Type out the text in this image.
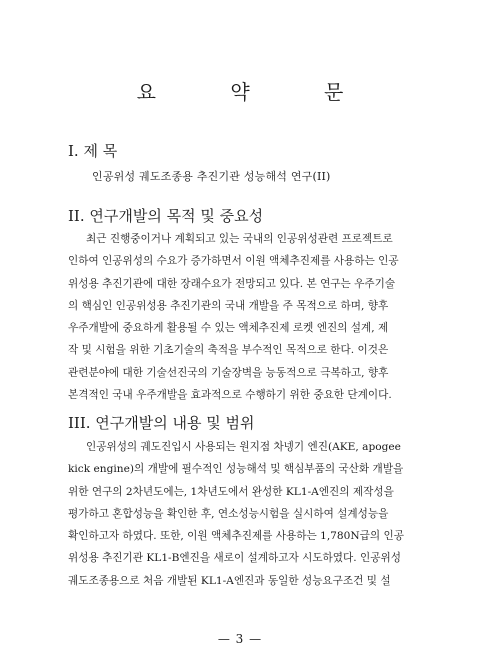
요 약 문
I. 제 목
인공위성 궤도조종용 추진기관 성능해석 연구(II)
II. 연구개발의 목적 및 중요성
최근 진행중이거나 계획되고 있는 국내의 인공위성관련 프로젝트로
인하여 인공위성의 수요가 증가하면서 이원 액체추진제를 사용하는 인공
위성용 추진기관에 대한 장래수요가 전망되고 있다. 본 연구는 우주기술
의 핵심인 인공위성용 추진기관의 국내 개발을 주 목적으로 하며, 향후
우주개발에 중요하게 활용될 수 있는 액체추진제 로켓 엔진의 설계, 제
작 및 시험을 위한 기초기술의 축적을 부수적인 목적으로 한다. 이것은
관련분야에 대한 기술선진국의 기술장벽을 능동적으로 극복하고, 향후
본격적인 국내 우주개발을 효과적으로 수행하기 위한 중요한 단계이다.
III. 연구개발의 내용 및 범위
인공위성의 궤도진입시 사용되는 원지점 차넹기 엔진(AKE, apogee
kick engine)의 개발에 필수적인 성능해석 및 핵심부품의 국산화 개발을
위한 연구의 2차년도에는, 1차년도에서 완성한 KL1-A엔진의 제작성을
평가하고 혼합성능을 확인한 후, 연소성능시험을 실시하여 설계성능을
확인하고자 하였다. 또한, 이원 액체추진제를 사용하는 1,780N급의 인공
위성용 추진기관 KL1-B엔진을 새로이 설계하고자 시도하였다. 인공위성
궤도조종용으로 처음 개발된 KL1-A엔진과 동일한 성능요구조건 및 설
— 3 —
